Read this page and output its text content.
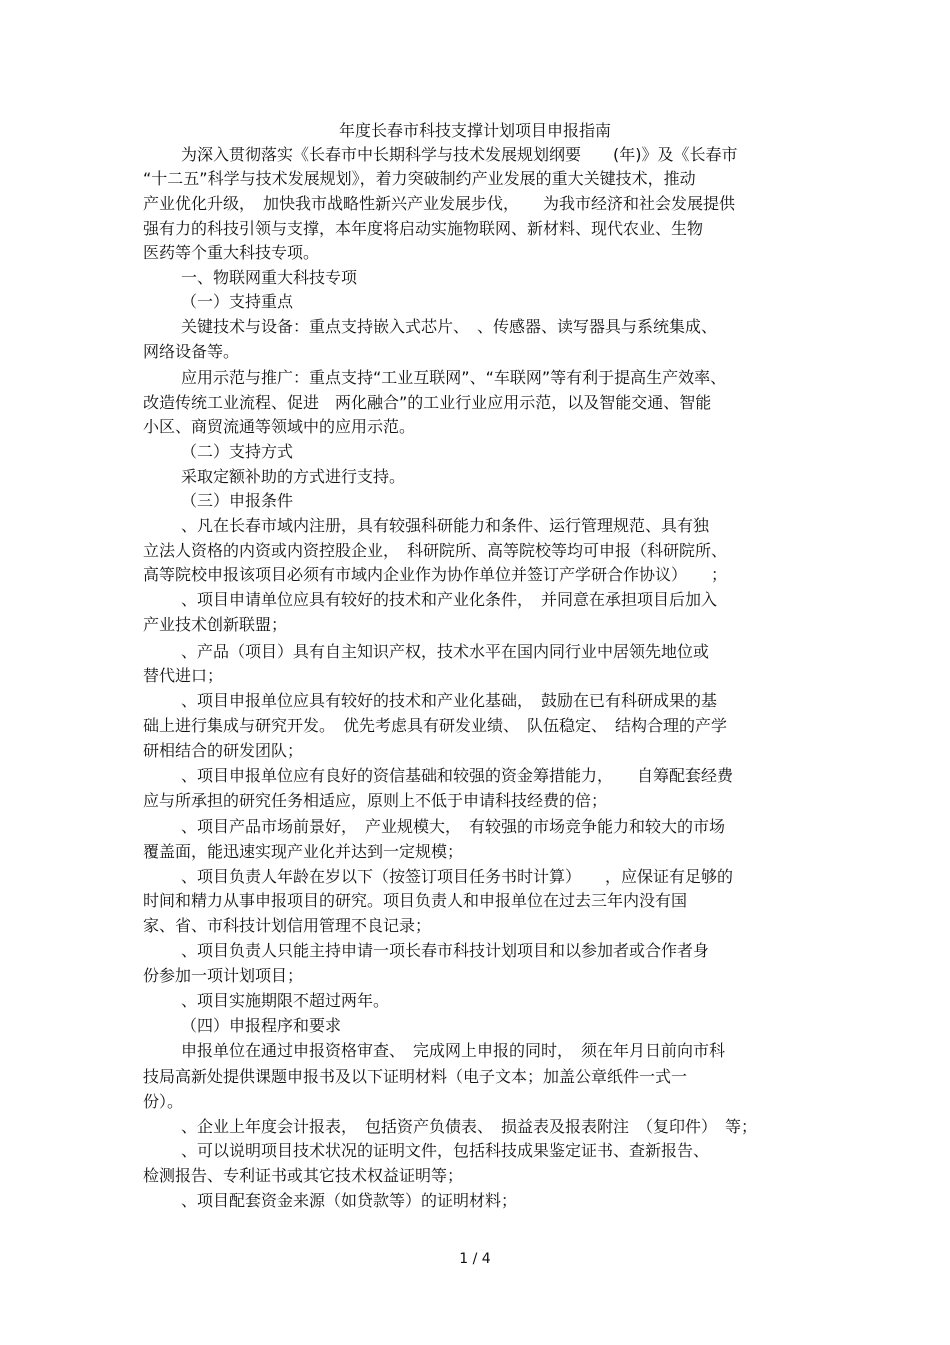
年度长春市科技支撑计划项目申报指南
为深入贯彻落实《长春市中长期科学与技术发展规划纲要　　(年)》及《长春市
“十二五”科学与技术发展规划》，着力突破制约产业发展的重大关键技术，推动
产业优化升级，　加快我市战略性新兴产业发展步伐，　　为我市经济和社会发展提供
强有力的科技引领与支撑，本年度将启动实施物联网、新材料、现代农业、生物
医药等个重大科技专项。
一、物联网重大科技专项
（一）支持重点
关键技术与设备：重点支持嵌入式芯片、　、传感器、读写器具与系统集成、
网络设备等。
应用示范与推广：重点支持“工业互联网”、“车联网”等有利于提高生产效率、
改造传统工业流程、促进　两化融合”的工业行业应用示范，以及智能交通、智能
小区、商贸流通等领域中的应用示范。
（二）支持方式
采取定额补助的方式进行支持。
（三）申报条件
、凡在长春市域内注册，具有较强科研能力和条件、运行管理规范、具有独
立法人资格的内资或内资控股企业，　科研院所、高等院校等均可申报（科研院所、
高等院校申报该项目必须有市域内企业作为协作单位并签订产学研合作协议）　　；
、项目申请单位应具有较好的技术和产业化条件，　并同意在承担项目后加入
产业技术创新联盟；
、产品（项目）具有自主知识产权，技术水平在国内同行业中居领先地位或
替代进口；
、项目申报单位应具有较好的技术和产业化基础，　鼓励在已有科研成果的基
础上进行集成与研究开发。　优先考虑具有研发业绩、　队伍稳定、　结构合理的产学
研相结合的研发团队；
、项目申报单位应有良好的资信基础和较强的资金筹措能力，　　自筹配套经费
应与所承担的研究任务相适应，原则上不低于申请科技经费的倍；
、项目产品市场前景好，　产业规模大，　有较强的市场竞争能力和较大的市场
覆盖面，能迅速实现产业化并达到一定规模；
、项目负责人年龄在岁以下（按签订项目任务书时计算）　　，应保证有足够的
时间和精力从事申报项目的研究。项目负责人和申报单位在过去三年内没有国
家、省、市科技计划信用管理不良记录；
、项目负责人只能主持申请一项长春市科技计划项目和以参加者或合作者身
份参加一项计划项目；
、项目实施期限不超过两年。
（四）申报程序和要求
申报单位在通过申报资格审查、　完成网上申报的同时，　须在年月日前向市科
技局高新处提供课题申报书及以下证明材料（电子文本；加盖公章纸件一式一
份）。
、企业上年度会计报表，　包括资产负债表、　损益表及报表附注　（复印件）　等；
、可以说明项目技术状况的证明文件，包括科技成果鉴定证书、查新报告、
检测报告、专利证书或其它技术权益证明等；
、项目配套资金来源（如贷款等）的证明材料；
1 / 4
